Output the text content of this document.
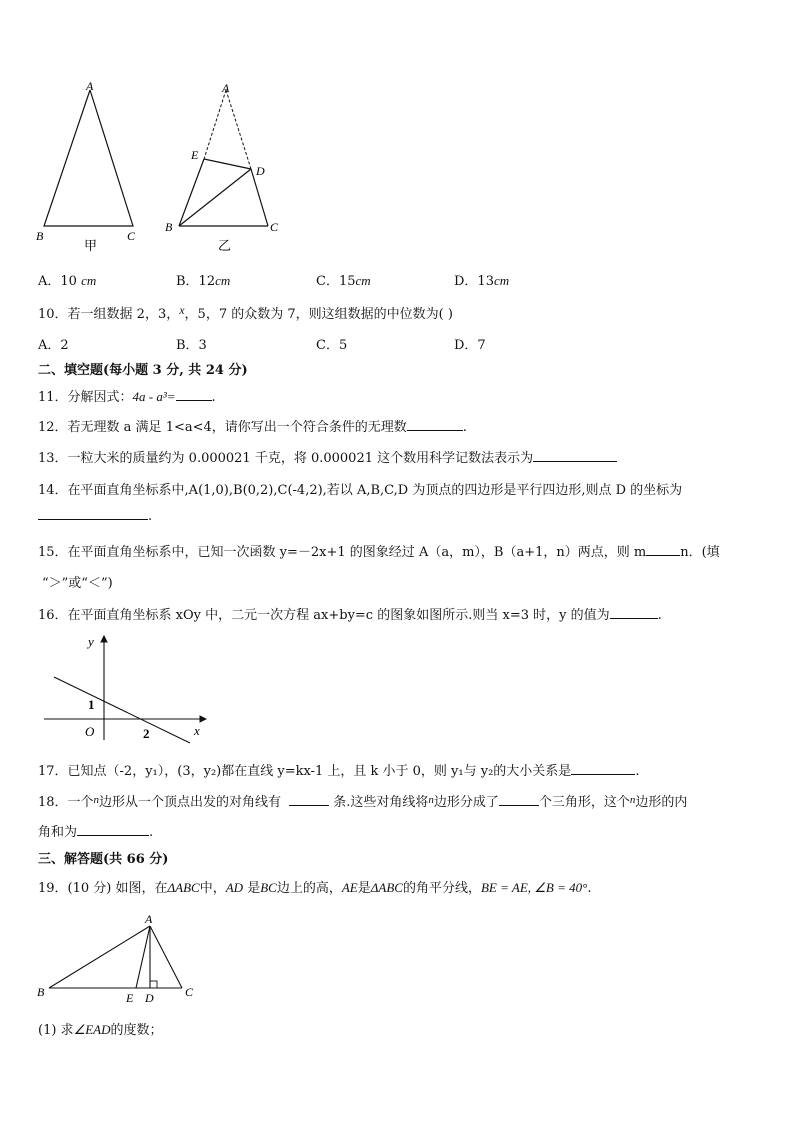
A
B	C
甲
A
E
D
B	C
乙
A．10 cm	B．12cm	C．15cm	D．13cm
10．若一组数据 2，3，x，5，7 的众数为 7，则这组数据的中位数为( )
A．2	B．3	C．5	D．7
二、填空题(每小题 3 分, 共 24 分)
11．分解因式：4a - a³=	.
12．若无理数 a 满足 1<a<4，请你写出一个符合条件的无理数	.
13．一粒大米的质量约为 0.000021 千克，将 0.000021 这个数用科学记数法表示为
14．在平面直角坐标系中,A(1,0),B(0,2),C(-4,2),若以 A,B,C,D 为顶点的四边形是平行四边形,则点 D 的坐标为
.
15．在平面直角坐标系中，已知一次函数 y=－2x+1 的图象经过 A（a，m），B（a+1，n）两点，则 m	n．(填
“＞”或“＜”)
16．在平面直角坐标系 xOy 中，二元一次方程 ax+by=c 的图象如图所示.则当 x=3 时，y 的值为	.
y
x
O
1
2
17．已知点（-2，y₁），(3，y₂)都在直线 y=kx-1 上，且 k 小于 0，则 y₁与 y₂的大小关系是	.
18．一个$^n$边形从一个顶点出发的对角线有	条.这些对角线将$^n$边形分成了	个三角形，这个$^n$边形的内
角和为	.
三、解答题(共 66 分)
19．(10 分) 如图，在ΔABC中，AD 是BC边上的高，AE是ΔABC的角平分线，BE = AE, ∠B = 40°.
A
B	E D	C
(1) 求∠EAD的度数；
